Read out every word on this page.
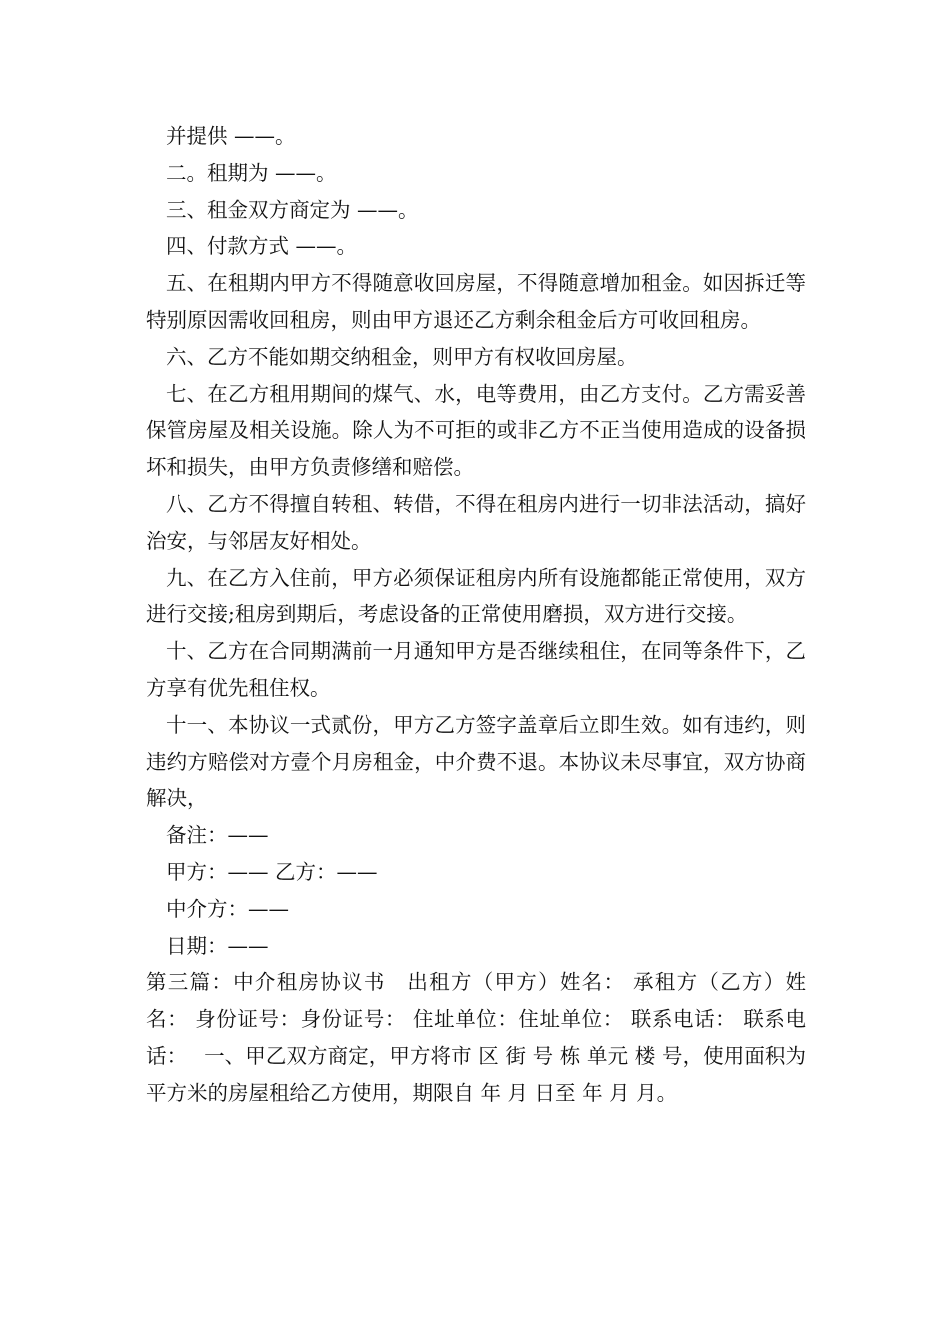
并提供 ——。

二。租期为 ——。

三、租金双方商定为 ——。

四、付款方式 ——。

五、在租期内甲方不得随意收回房屋，不得随意增加租金。如因拆迁等特别原因需收回租房，则由甲方退还乙方剩余租金后方可收回租房。

六、乙方不能如期交纳租金，则甲方有权收回房屋。

七、在乙方租用期间的煤气、水，电等费用，由乙方支付。乙方需妥善保管房屋及相关设施。除人为不可拒的或非乙方不正当使用造成的设备损坏和损失，由甲方负责修缮和赔偿。

八、乙方不得擅自转租、转借，不得在租房内进行一切非法活动，搞好治安，与邻居友好相处。

九、在乙方入住前，甲方必须保证租房内所有设施都能正常使用，双方进行交接;租房到期后，考虑设备的正常使用磨损，双方进行交接。

十、乙方在合同期满前一月通知甲方是否继续租住，在同等条件下，乙方享有优先租住权。

十一、本协议一式贰份，甲方乙方签字盖章后立即生效。如有违约，则违约方赔偿对方壹个月房租金，中介费不退。本协议未尽事宜，双方协商解决，

备注：——

甲方：—— 乙方：——

中介方：——

日期：——

第三篇：中介租房协议书　出租方（甲方）姓名： 承租方（乙方）姓名： 身份证号：身份证号： 住址单位：住址单位： 联系电话： 联系电话：　 一、甲乙双方商定，甲方将市 区 街 号 栋 单元 楼 号，使用面积为平方米的房屋租给乙方使用，期限自 年 月 日至 年 月 月。
